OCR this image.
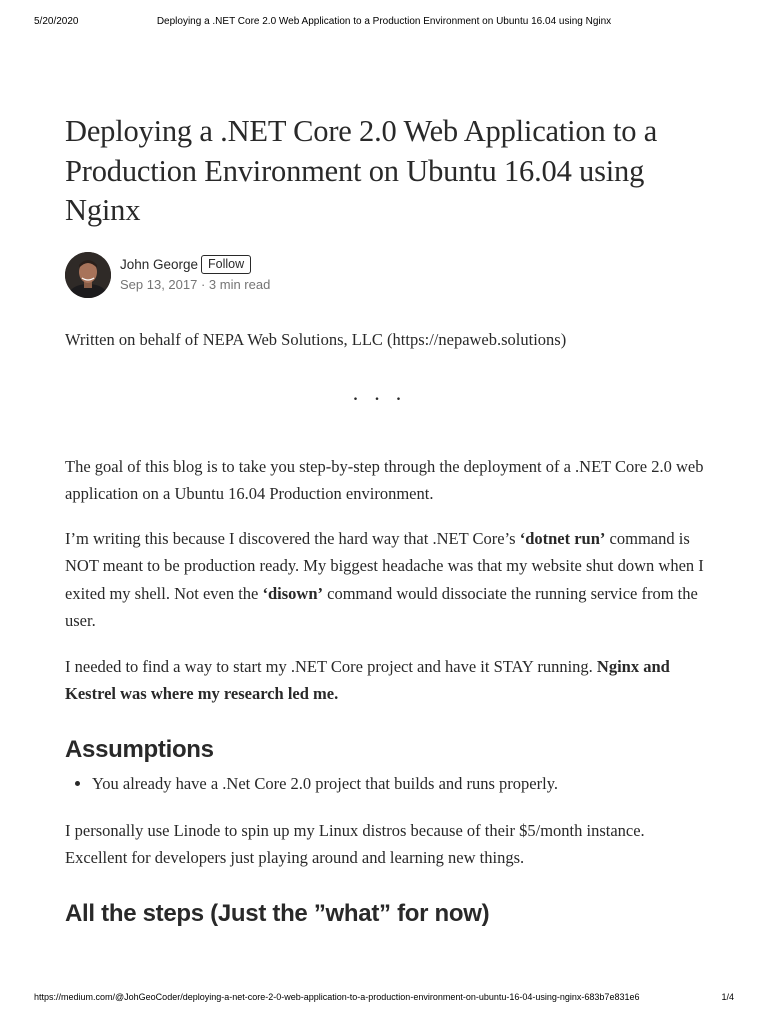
5/20/2020	Deploying a .NET Core 2.0 Web Application to a Production Environment on Ubuntu 16.04 using Nginx
Deploying a .NET Core 2.0 Web Application to a Production Environment on Ubuntu 16.04 using Nginx
John George Follow
Sep 13, 2017 · 3 min read

Written on behalf of NEPA Web Solutions, LLC (https://nepaweb.solutions)

...

The goal of this blog is to take you step-by-step through the deployment of a .NET Core 2.0 web application on a Ubuntu 16.04 Production environment.

I’m writing this because I discovered the hard way that .NET Core’s ‘dotnet run’ command is NOT meant to be production ready. My biggest headache was that my website shut down when I exited my shell. Not even the ‘disown’ command would dissociate the running service from the user.

I needed to find a way to start my .NET Core project and have it STAY running. Nginx and Kestrel was where my research led me.

Assumptions
You already have a .Net Core 2.0 project that builds and runs properly.

I personally use Linode to spin up my Linux distros because of their $5/month instance. Excellent for developers just playing around and learning new things.

All the steps (Just the ”what” for now)
https://medium.com/@JohGeoCoder/deploying-a-net-core-2-0-web-application-to-a-production-environment-on-ubuntu-16-04-using-nginx-683b7e831e6	1/4
